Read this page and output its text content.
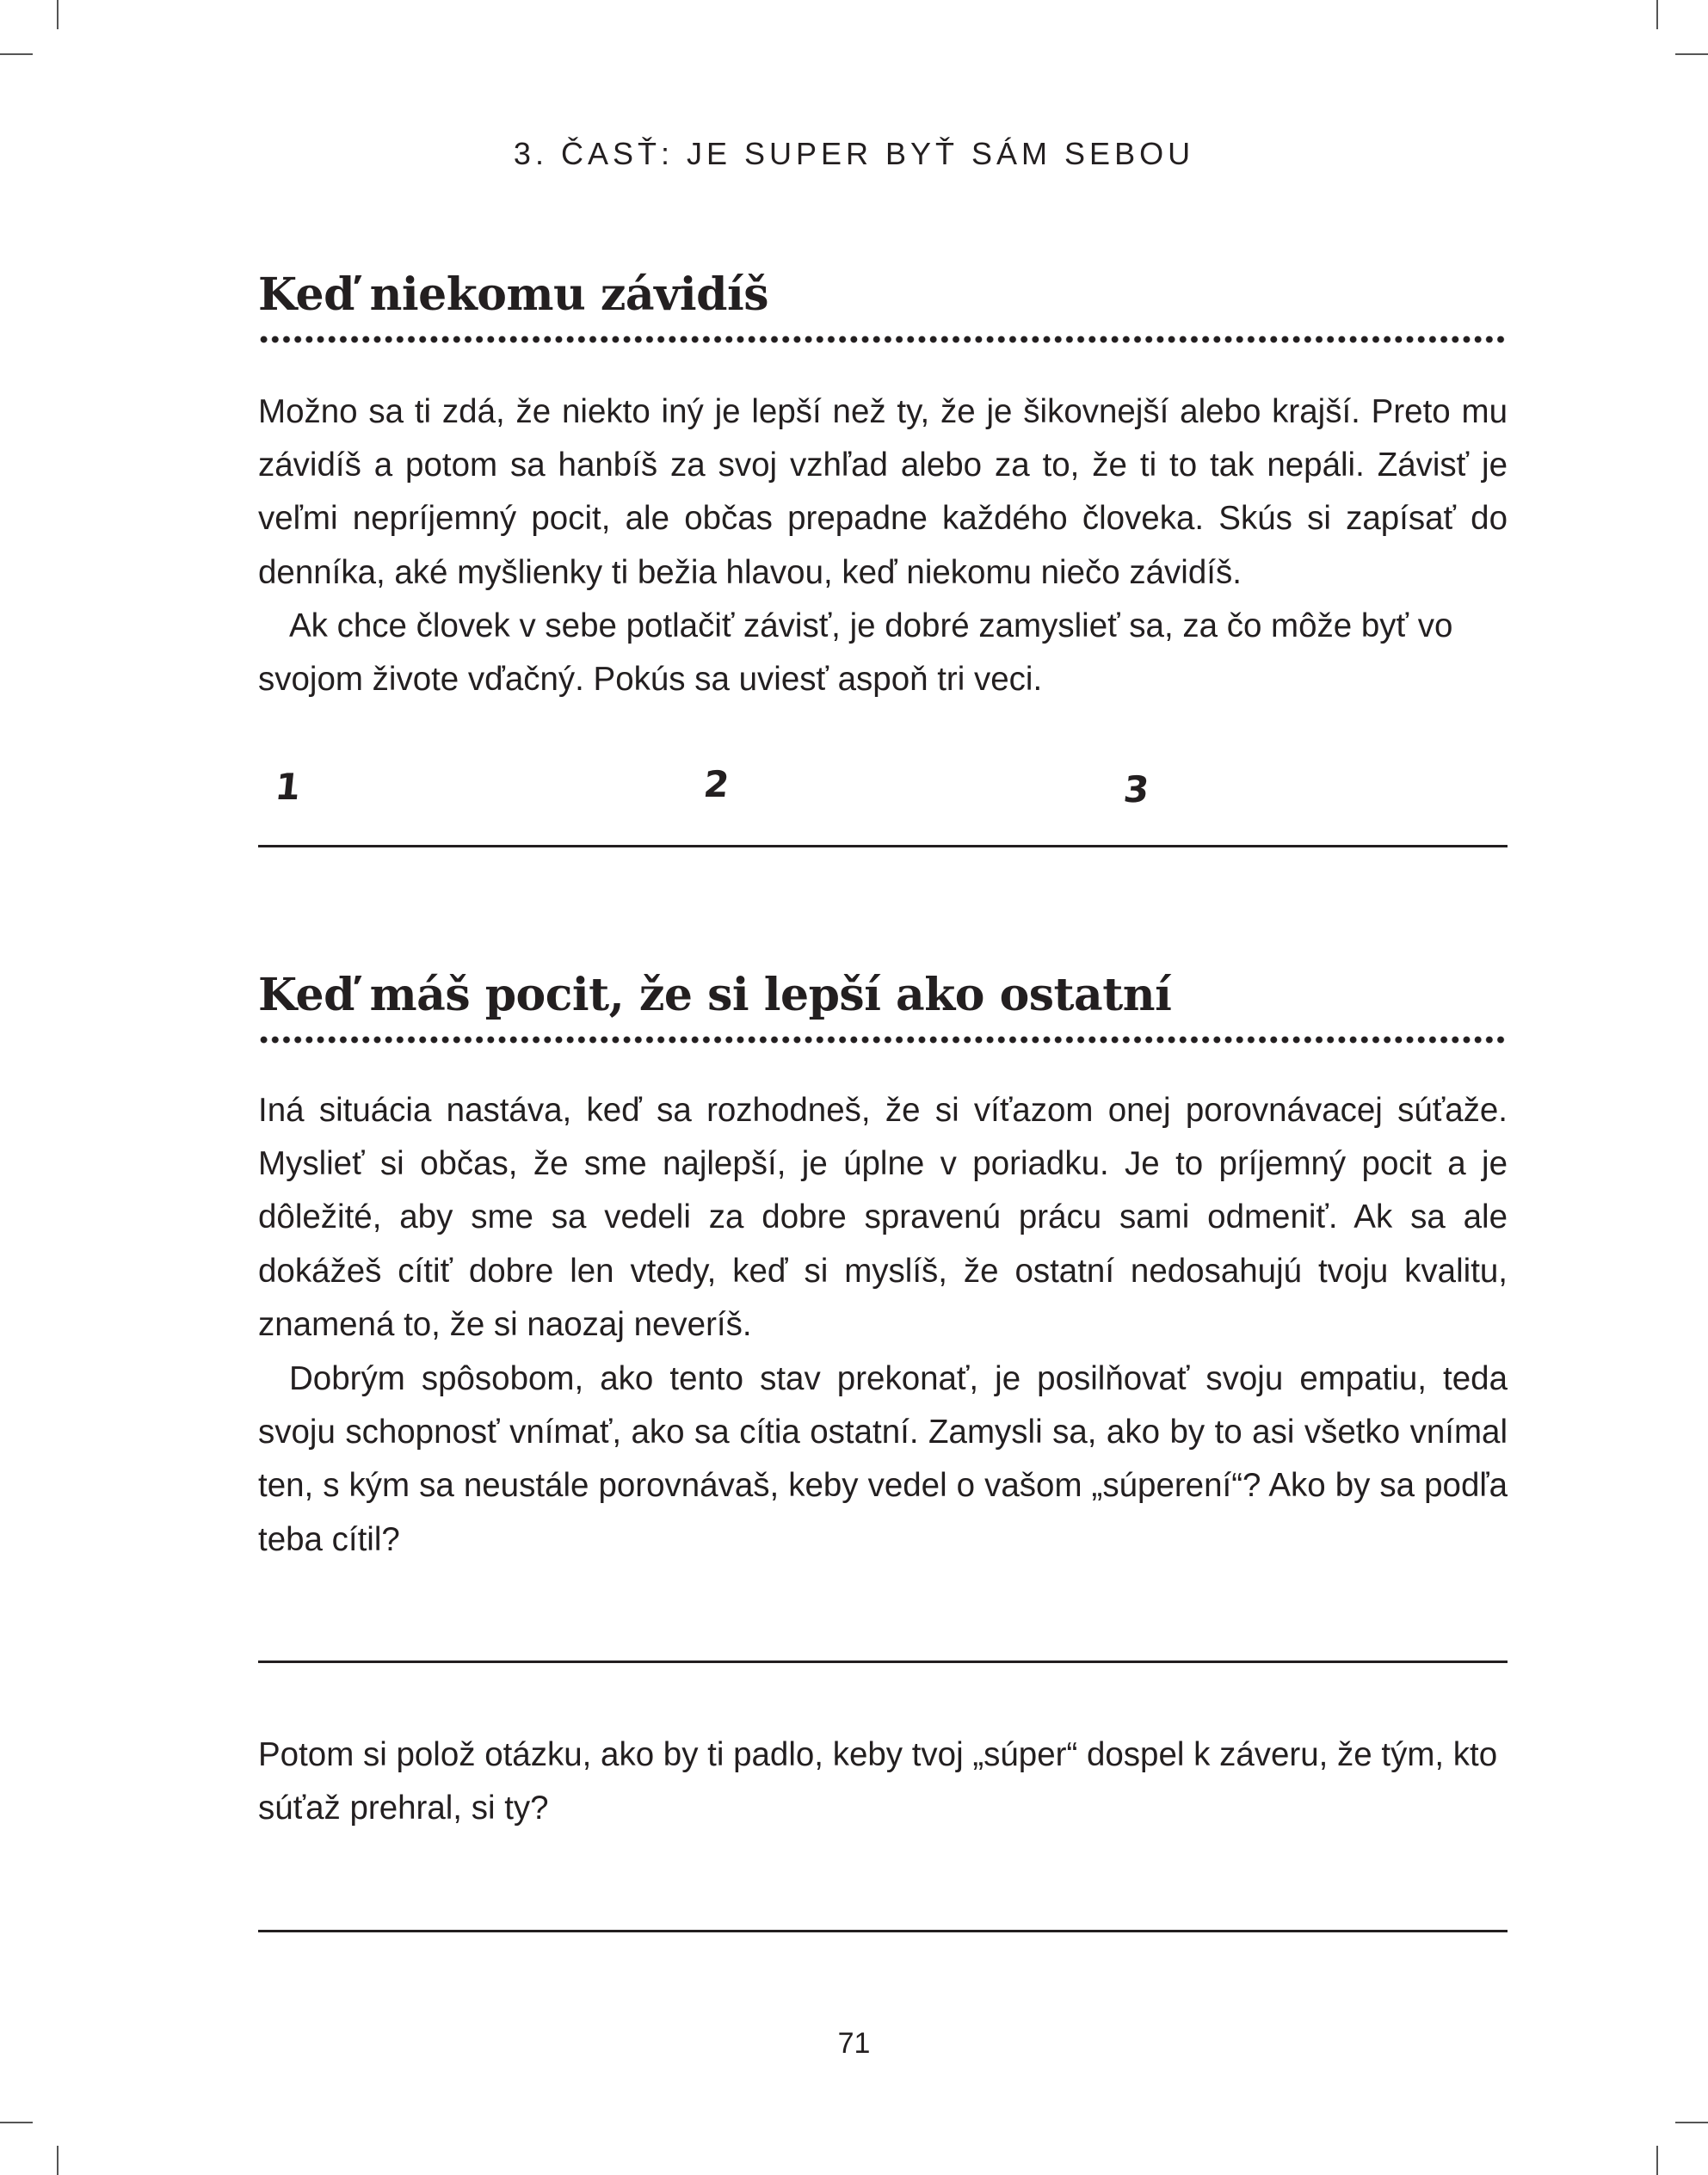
3. ČASŤ: JE SUPER BYŤ SÁM SEBOU
Keď niekomu závidíš

Možno sa ti zdá, že niekto iný je lepší než ty, že je šikovnejší alebo krajší. Preto mu závidíš a potom sa hanbíš za svoj vzhľad alebo za to, že ti to tak nepáli. Závisť je veľmi nepríjemný pocit, ale občas prepadne každého človeka. Skús si zapísať do denníka, aké myšlienky ti bežia hlavou, keď niekomu niečo závidíš.

Ak chce človek v sebe potlačiť závisť, je dobré zamyslieť sa, za čo môže byť vo svojom živote vďačný. Pokús sa uviesť aspoň tri veci.

1	2	3
Keď máš pocit, že si lepší ako ostatní

Iná situácia nastáva, keď sa rozhodneš, že si víťazom onej porovnávacej súťaže. Myslieť si občas, že sme najlepší, je úplne v poriadku. Je to príjemný pocit a je dôležité, aby sme sa vedeli za dobre spravenú prácu sami odmeniť. Ak sa ale dokážeš cítiť dobre len vtedy, keď si myslíš, že ostatní nedosahujú tvoju kvalitu, znamená to, že si naozaj neveríš.

Dobrým spôsobom, ako tento stav prekonať, je posilňovať svoju empatiu, teda svoju schopnosť vnímať, ako sa cítia ostatní. Zamysli sa, ako by to asi všetko vnímal ten, s kým sa neustále porovnávaš, keby vedel o vašom „súperení“? Ako by sa podľa teba cítil?

Potom si polož otázku, ako by ti padlo, keby tvoj „súper“ dospel k záveru, že tým, kto súťaž prehral, si ty?

71
